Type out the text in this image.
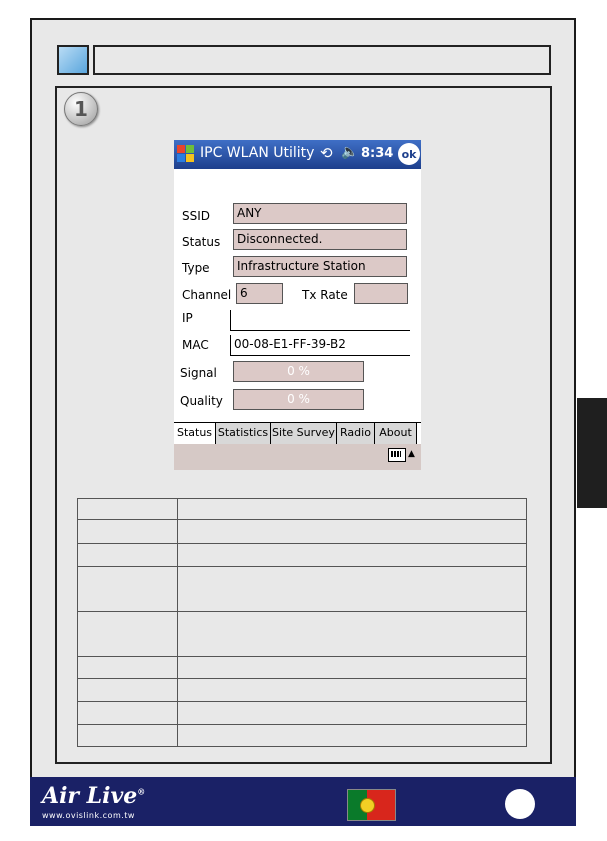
1
IPC WLAN Utility ⟲ 🔈 8:34 ok
SSID	ANY
Status	Disconnected.
Type	Infrastructure Station
Channel 6	Tx Rate
IP
MAC	00-08-E1-FF-39-B2
Signal	0 %
Quality	0 %
Status Statistics Site Survey Radio About
▲

Air Live®
www.ovislink.com.tw
